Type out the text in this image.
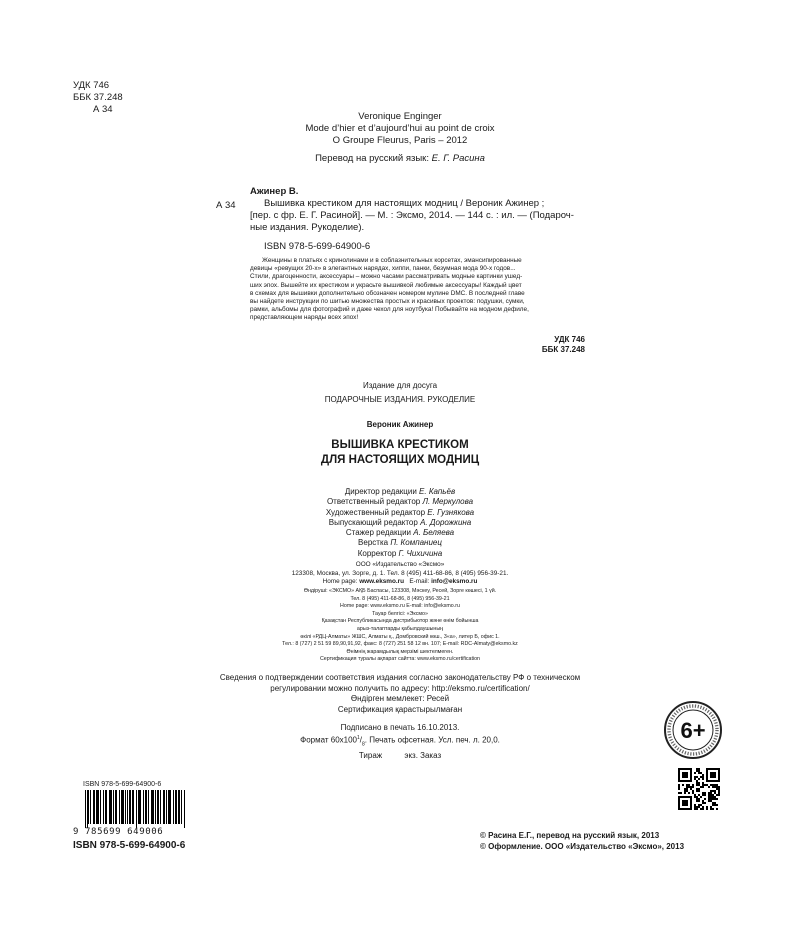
УДК 746
ББК 37.248
А 34
Veronique Enginger
Mode d’hier et d’aujourd’hui au point de croix
O Groupe Fleurus, Paris – 2012
Перевод на русский язык: Е. Г. Расина
А 34
Ажинер В.
Вышивка крестиком для настоящих модниц / Вероник Ажинер ;
[пер. с фр. Е. Г. Расиной]. — М. : Эксмо, 2014. — 144 с. : ил. — (Подароч-
ные издания. Рукоделие).
ISBN 978-5-699-64900-6
Женщины в платьях с кринолинами и в соблазнительных корсетах, эмансипированные
девицы «ревущих 20-х» в элегантных нарядах, хиппи, панки, безумная мода 90-х годов...
Стили, драгоценности, аксессуары – можно часами рассматривать модные картинки ушед-
ших эпох. Вышейте их крестиком и украсьте вышивкой любимые аксессуары! Каждый цвет
в схемах для вышивки дополнительно обозначен номером мулине DMC. В последней главе
вы найдете инструкции по шитью множества простых и красивых проектов: подушки, сумки,
рамки, альбомы для фотографий и даже чехол для ноутбука! Побывайте на модном дефиле,
представляющем наряды всех эпох!
УДК 746
ББК 37.248
Издание для досуга
ПОДАРОЧНЫЕ ИЗДАНИЯ. РУКОДЕЛИЕ
Вероник Ажинер
ВЫШИВКА КРЕСТИКОМ
ДЛЯ НАСТОЯЩИХ МОДНИЦ
Директор редакции Е. Капьёв
Ответственный редактор Л. Меркулова
Художественный редактор Е. Гузнякова
Выпускающий редактор А. Дорожкина
Стажер редакции А. Беляева
Верстка П. Компаниец
Корректор Г. Чихичина
ООО «Издательство «Эксмо»
123308, Москва, ул. Зорге, д. 1. Тел. 8 (495) 411-68-86, 8 (495) 956-39-21.
Home page: www.eksmo.ru E-mail: info@eksmo.ru
Өндіруші: «ЭКСМО» АҚБ Баспасы, 123308, Мәскеу, Ресей, Зорге көшесі, 1 үй.
Тел. 8 (495) 411-68-86, 8 (495) 956-39-21
Home page: www.eksmo.ru E-mail: info@eksmo.ru
Тауар белгісі: «Эксмо»
Қазақстан Республикасында дистрибьютор және өнім бойынша
арыз-талаптарды қабылдаушының
өкілі «РДЦ-Алматы» ЖШС, Алматы қ., Домбровский көш., 3«а», литер Б, офис 1.
Тел.: 8 (727) 2 51 59 89,90,91,92, факс: 8 (727) 251 58 12 вн. 107; E-mail: RDC-Almaty@eksmo.kz
Өнімнің жарамдылық мерзімі шектелмеген.
Сертификация туралы ақпарат сайтта: www.eksmo.ru/certification
Сведения о подтверждении соответствия издания согласно законодательству РФ о техническом
регулировании можно получить по адресу: http://eksmo.ru/certification/
Өндірген мемлекет: Ресей
Сертификация қарастырылмаған
Подписано в печать 16.10.2013.
Формат $60x100^1/_8$. Печать офсетная. Усл. печ. л. 20,0.
Тираж          экз. Заказ
6+
ISBN 978-5-699-64900-6
9 785699 649006
ISBN 978-5-699-64900-6
© Расина Е.Г., перевод на русский язык, 2013
© Оформление. ООО «Издательство «Эксмо», 2013
